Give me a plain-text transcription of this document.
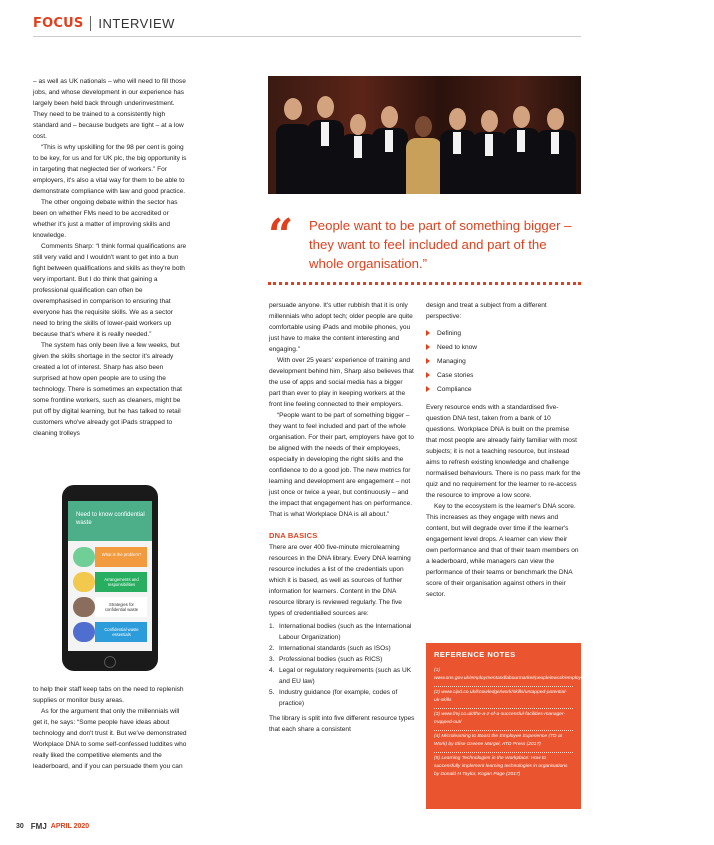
FOCUS INTERVIEW

– as well as UK nationals – who will need to fill those jobs, and whose development in our experience has largely been held back through underinvestment. They need to be trained to a consistently high standard and – because budgets are tight – at a low cost.

“This is why upskilling for the 98 per cent is going to be key, for us and for UK plc, the big opportunity is in targeting that neglected tier of workers.” For employers, it's also a vital way for them to be able to demonstrate compliance with law and good practice.

The other ongoing debate within the sector has been on whether FMs need to be accredited or whether it's just a matter of improving skills and knowledge.

Comments Sharp: “I think formal qualifications are still very valid and I wouldn't want to get into a bun fight between qualifications and skills as they're both very important. But I do think that gaining a professional qualification can often be overemphasised in comparison to ensuring that everyone has the requisite skills. We as a sector need to bring the skills of lower-paid workers up because that's where it is really needed.”

The system has only been live a few weeks, but given the skills shortage in the sector it's already created a lot of interest. Sharp has also been surprised at how open people are to using the technology. There is sometimes an expectation that some frontline workers, such as cleaners, might be put off by digital learning, but he has talked to retail customers who've already got iPads strapped to cleaning trolleys

Need to know confidential waste
What is the problem?
Arrangements and responsibilities
Strategies for confidential waste
Confidential waste essentials

to help their staff keep tabs on the need to replenish supplies or monitor busy areas.

As for the argument that only the millennials will get it, he says: “Some people have ideas about technology and don't trust it. But we've demonstrated Workplace DNA to some self-confessed luddites who really liked the competitive elements and the leaderboard, and if you can persuade them you can

“ People want to be part of something bigger – they want to feel included and part of the whole organisation.”

persuade anyone. It's utter rubbish that it is only millennials who adopt tech; older people are quite comfortable using iPads and mobile phones, you just have to make the content interesting and engaging.”

With over 25 years' experience of training and development behind him, Sharp also believes that the use of apps and social media has a bigger part than ever to play in keeping workers at the front line feeling connected to their employers.

“People want to be part of something bigger – they want to feel included and part of the whole organisation. For their part, employers have got to be aligned with the needs of their employees, especially in developing the right skills and the confidence to do a good job. The new metrics for learning and development are engagement – not just once or twice a year, but continuously – and the impact that engagement has on performance. That is what Workplace DNA is all about.”

DNA BASICS

There are over 400 five-minute microlearning resources in the DNA library. Every DNA learning resource includes a list of the credentials upon which it is based, as well as sources of further information for learners. Content in the DNA resource library is reviewed regularly. The five types of credentialled sources are:

1. International bodies (such as the International Labour Organization)
2. International standards (such as ISOs)
3. Professional bodies (such as RICS)
4. Legal or regulatory requirements (such as UK and EU law)
5. Industry guidance (for example, codes of practice)

The library is split into five different resource types that each share a consistent

design and treat a subject from a different perspective:

Defining
Need to know
Managing
Case stories
Compliance

Every resource ends with a standardised five-question DNA test, taken from a bank of 10 questions. Workplace DNA is built on the premise that most people are already fairly familiar with most subjects; it is not a teaching resource, but instead aims to refresh existing knowledge and challenge normalised behaviours. There is no pass mark for the quiz and no requirement for the learner to re-access the resource to improve a low score.

Key to the ecosystem is the learner's DNA score. This increases as they engage with news and content, but will degrade over time if the learner's engagement level drops. A learner can view their own performance and that of their team members on a leaderboard, while managers can view the performance of their teams or benchmark the DNA score of their organisation against others in their sector.

REFERENCE NOTES
(1) www.ons.gov.uk/employmentandlabourmarket/peopleinwork/employmentandemployeetypes/bulletins/uklabourmarket/august2019
(2) www.cipd.co.uk/knowledge/work/skills/untapped-potential-uk-skills
(3) www.fmj.co.uk/the-a-z-of-a-successful-facilities-manager-mapped-out/
(4) Microlearning to Boost the Employee Experience (TD at Work) by Elise Greene Margel, ATD Press (2017)
(5) Learning Technologies in the Workplace: How to successfully implement learning technologies in organisations by Donald H Taylor, Kogan Page (2017)
30 FMJ APRIL 2020
